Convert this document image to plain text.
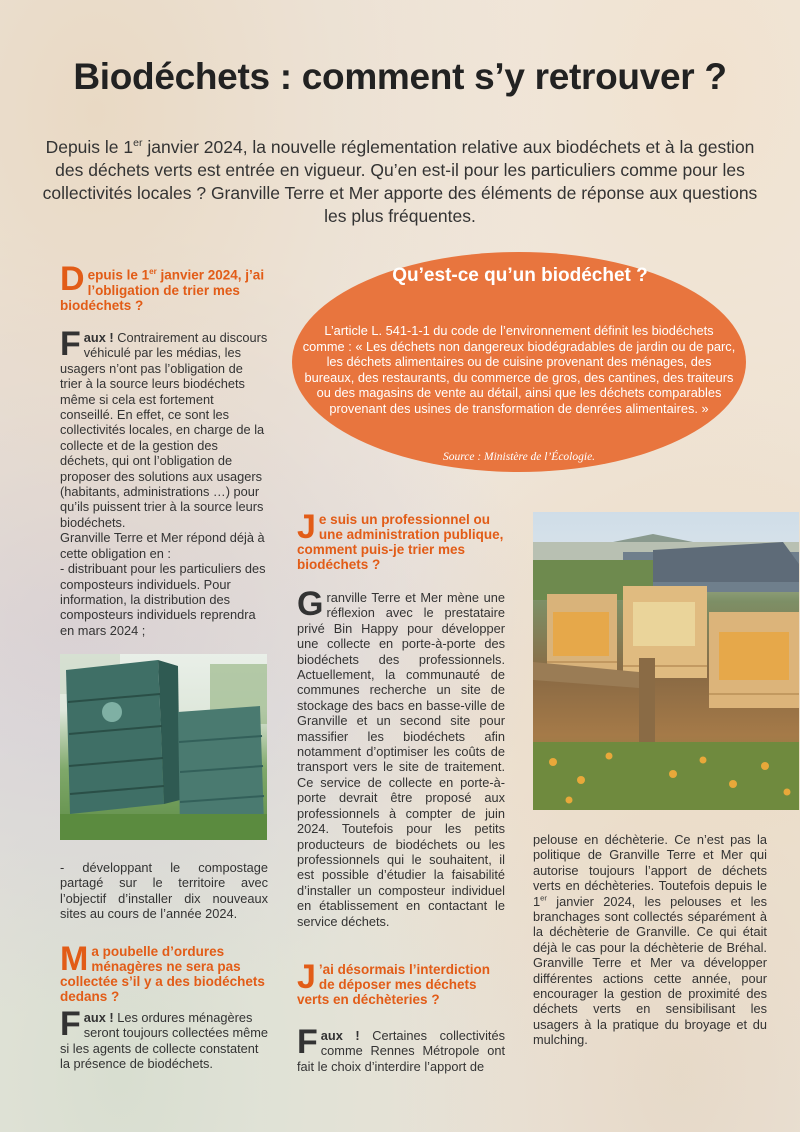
Biodéchets : comment s’y retrouver ?
Depuis le 1er janvier 2024, la nouvelle réglementation relative aux biodéchets et à la gestion des déchets verts est entrée en vigueur. Qu’en est-il pour les particuliers comme pour les collectivités locales ? Granville Terre et Mer apporte des éléments de réponse aux questions les plus fréquentes.
Depuis le 1er janvier 2024, j’ai l’obligation de trier mes biodéchets ?

Faux ! Contrairement au discours véhiculé par les médias, les usagers n’ont pas l’obligation de trier à la source leurs biodéchets même si cela est fortement conseillé. En effet, ce sont les collectivités locales, en charge de la collecte et de la gestion des déchets, qui ont l’obligation de proposer des solutions aux usagers (habitants, administrations …) pour qu’ils puissent trier à la source leurs biodéchets.

Granville Terre et Mer répond déjà à cette obligation en :

- distribuant pour les particuliers des composteurs individuels. Pour information, la distribution des composteurs individuels reprendra en mars 2024 ;

- développant le compostage partagé sur le territoire avec l’objectif d’installer dix nouveaux sites au cours de l’année 2024.
Ma poubelle d’ordures ménagères ne sera pas collectée s’il y a des biodéchets dedans ?

Faux ! Les ordures ménagères seront toujours collectées même si les agents de collecte constatent la présence de biodéchets.

Qu’est-ce qu’un biodéchet ?
L’article L. 541-1-1 du code de l’environnement définit les biodéchets comme : « Les déchets non dangereux biodégradables de jardin ou de parc, les déchets alimentaires ou de cuisine provenant des ménages, des bureaux, des restaurants, du commerce de gros, des cantines, des traiteurs ou des magasins de vente au détail, ainsi que les déchets comparables provenant des usines de transformation de denrées alimentaires. »
Source : Ministère de l’Écologie.
Je suis un professionnel ou une administration publique, comment puis-je trier mes biodéchets ?

Granville Terre et Mer mène une réflexion avec le prestataire privé Bin Happy pour développer une collecte en porte-à-porte des biodéchets des professionnels. Actuellement, la communauté de communes recherche un site de stockage des bacs en basse-ville de Granville et un second site pour massifier les biodéchets afin notamment d’optimiser les coûts de transport vers le site de traitement. Ce service de collecte en porte-à-porte devrait être proposé aux professionnels à compter de juin 2024. Toutefois pour les petits producteurs de biodéchets ou les professionnels qui le souhaitent, il est possible d’étudier la faisabilité d’installer un composteur individuel en établissement en contactant le service déchets.

J ’ai désormais l’interdiction de déposer mes déchets verts en déchèteries ?

Faux ! Certaines collectivités comme Rennes Métropole ont fait le choix d’interdire l’apport de

pelouse en déchèterie. Ce n’est pas la politique de Granville Terre et Mer qui autorise toujours l’apport de déchets verts en déchèteries. Toutefois depuis le 1er janvier 2024, les pelouses et les branchages sont collectés séparément à la déchèterie de Granville. Ce qui était déjà le cas pour la déchèterie de Bréhal. Granville Terre et Mer va développer différentes actions cette année, pour encourager la gestion de proximité des déchets verts en sensibilisant les usagers à la pratique du broyage et du mulching.
